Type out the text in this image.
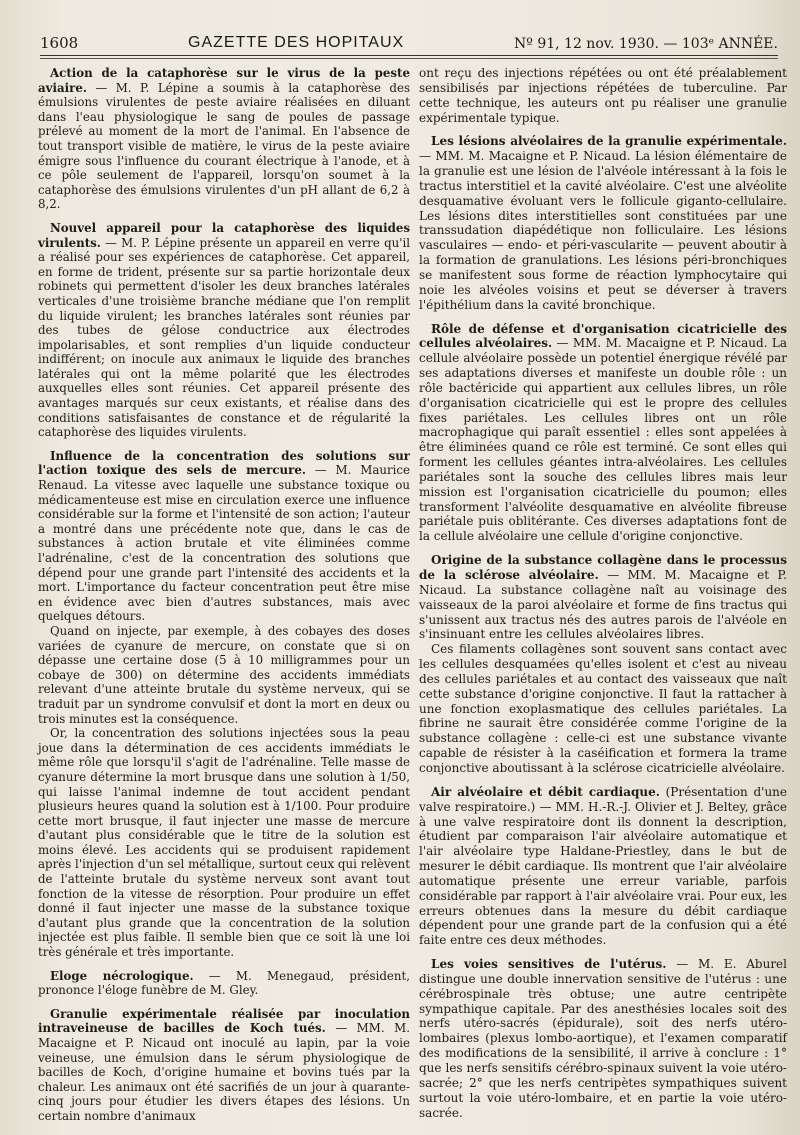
1608	GAZETTE DES HOPITAUX	Nº 91, 12 nov. 1930. — 103ᵉ ANNÉE.

Action de la cataphorèse sur le virus de la peste aviaire. — M. P. Lépine a soumis à la cataphorèse des émulsions virulentes de peste aviaire réalisées en diluant dans l'eau physiologique le sang de poules de passage prélevé au moment de la mort de l'animal. En l'absence de tout transport visible de matière, le virus de la peste aviaire émigre sous l'influence du courant électrique à l'anode, et à ce pôle seulement de l'appareil, lorsqu'on soumet à la cataphorèse des émulsions virulentes d'un pH allant de 6,2 à 8,2.

Nouvel appareil pour la cataphorèse des liquides virulents. — M. P. Lépine présente un appareil en verre qu'il a réalisé pour ses expériences de cataphorèse. Cet appareil, en forme de trident, présente sur sa partie horizontale deux robinets qui permettent d'isoler les deux branches latérales verticales d'une troisième branche médiane que l'on remplit du liquide virulent; les branches latérales sont réunies par des tubes de gélose conductrice aux électrodes impolarisables, et sont remplies d'un liquide conducteur indifférent; on inocule aux animaux le liquide des branches latérales qui ont la même polarité que les électrodes auxquelles elles sont réunies. Cet appareil présente des avantages marqués sur ceux existants, et réalise dans des conditions satisfaisantes de constance et de régularité la cataphorèse des liquides virulents.

Influence de la concentration des solutions sur l'action toxique des sels de mercure. — M. Maurice Renaud. La vitesse avec laquelle une substance toxique ou médicamenteuse est mise en circulation exerce une influence considérable sur la forme et l'intensité de son action; l'auteur a montré dans une précédente note que, dans le cas de substances à action brutale et vite éliminées comme l'adrénaline, c'est de la concentration des solutions que dépend pour une grande part l'intensité des accidents et la mort. L'importance du facteur concentration peut être mise en évidence avec bien d'autres substances, mais avec quelques détours.

Quand on injecte, par exemple, à des cobayes des doses variées de cyanure de mercure, on constate que si on dépasse une certaine dose (5 à 10 milligrammes pour un cobaye de 300) on détermine des accidents immédiats relevant d'une atteinte brutale du système nerveux, qui se traduit par un syndrome convulsif et dont la mort en deux ou trois minutes est la conséquence.

Or, la concentration des solutions injectées sous la peau joue dans la détermination de ces accidents immédiats le même rôle que lorsqu'il s'agit de l'adrénaline. Telle masse de cyanure détermine la mort brusque dans une solution à 1/50, qui laisse l'animal indemne de tout accident pendant plusieurs heures quand la solution est à 1/100. Pour produire cette mort brusque, il faut injecter une masse de mercure d'autant plus considérable que le titre de la solution est moins élevé. Les accidents qui se produisent rapidement après l'injection d'un sel métallique, surtout ceux qui relèvent de l'atteinte brutale du système nerveux sont avant tout fonction de la vitesse de résorption. Pour produire un effet donné il faut injecter une masse de la substance toxique d'autant plus grande que la concentration de la solution injectée est plus faible. Il semble bien que ce soit là une loi très générale et très importante.

Eloge nécrologique. — M. Menegaud, président, prononce l'éloge funèbre de M. Gley.

Granulie expérimentale réalisée par inoculation intraveineuse de bacilles de Koch tués. — MM. M. Macaigne et P. Nicaud ont inoculé au lapin, par la voie veineuse, une émulsion dans le sérum physiologique de bacilles de Koch, d'origine humaine et bovins tués par la chaleur. Les animaux ont été sacrifiés de un jour à quarante-cinq jours pour étudier les divers étapes des lésions. Un certain nombre d'animaux

ont reçu des injections répétées ou ont été préalablement sensibilisés par injections répétées de tuberculine. Par cette technique, les auteurs ont pu réaliser une granulie expérimentale typique.

Les lésions alvéolaires de la granulie expérimentale. — MM. M. Macaigne et P. Nicaud. La lésion élémentaire de la granulie est une lésion de l'alvéole intéressant à la fois le tractus interstitiel et la cavité alvéolaire. C'est une alvéolite desquamative évoluant vers le follicule giganto-cellulaire. Les lésions dites interstitielles sont constituées par une transsudation diapédétique non folliculaire. Les lésions vasculaires — endo- et péri-vascularite — peuvent aboutir à la formation de granulations. Les lésions péri-bronchiques se manifestent sous forme de réaction lymphocytaire qui noie les alvéoles voisins et peut se déverser à travers l'épithélium dans la cavité bronchique.

Rôle de défense et d'organisation cicatricielle des cellules alvéolaires. — MM. M. Macaigne et P. Nicaud. La cellule alvéolaire possède un potentiel énergique révélé par ses adaptations diverses et manifeste un double rôle : un rôle bactéricide qui appartient aux cellules libres, un rôle d'organisation cicatricielle qui est le propre des cellules fixes pariétales. Les cellules libres ont un rôle macrophagique qui paraît essentiel : elles sont appelées à être éliminées quand ce rôle est terminé. Ce sont elles qui forment les cellules géantes intra-alvéolaires. Les cellules pariétales sont la souche des cellules libres mais leur mission est l'organisation cicatricielle du poumon; elles transforment l'alvéolite desquamative en alvéolite fibreuse pariétale puis oblitérante. Ces diverses adaptations font de la cellule alvéolaire une cellule d'origine conjonctive.

Origine de la substance collagène dans le processus de la sclérose alvéolaire. — MM. M. Macaigne et P. Nicaud. La substance collagène naît au voisinage des vaisseaux de la paroi alvéolaire et forme de fins tractus qui s'unissent aux tractus nés des autres parois de l'alvéole en s'insinuant entre les cellules alvéolaires libres.

Ces filaments collagènes sont souvent sans contact avec les cellules desquamées qu'elles isolent et c'est au niveau des cellules pariétales et au contact des vaisseaux que naît cette substance d'origine conjonctive. Il faut la rattacher à une fonction exoplasmatique des cellules pariétales. La fibrine ne saurait être considérée comme l'origine de la substance collagène : celle-ci est une substance vivante capable de résister à la caséification et formera la trame conjonctive aboutissant à la sclérose cicatricielle alvéolaire.

Air alvéolaire et débit cardiaque. (Présentation d'une valve respiratoire.) — MM. H.-R.-J. Olivier et J. Beltey, grâce à une valve respiratoire dont ils donnent la description, étudient par comparaison l'air alvéolaire automatique et l'air alvéolaire type Haldane-Priestley, dans le but de mesurer le débit cardiaque. Ils montrent que l'air alvéolaire automatique présente une erreur variable, parfois considérable par rapport à l'air alvéolaire vrai. Pour eux, les erreurs obtenues dans la mesure du débit cardiaque dépendent pour une grande part de la confusion qui a été faite entre ces deux méthodes.

Les voies sensitives de l'utérus. — M. E. Aburel distingue une double innervation sensitive de l'utérus : une cérébrospinale très obtuse; une autre centripète sympathique capitale. Par des anesthésies locales soit des nerfs utéro-sacrés (épidurale), soit des nerfs utéro-lombaires (plexus lombo-aortique), et l'examen comparatif des modifications de la sensibilité, il arrive à conclure : 1° que les nerfs sensitifs cérébro-spinaux suivent la voie utéro-sacrée; 2° que les nerfs centripètes sympathiques suivent surtout la voie utéro-lombaire, et en partie la voie utéro-sacrée.
